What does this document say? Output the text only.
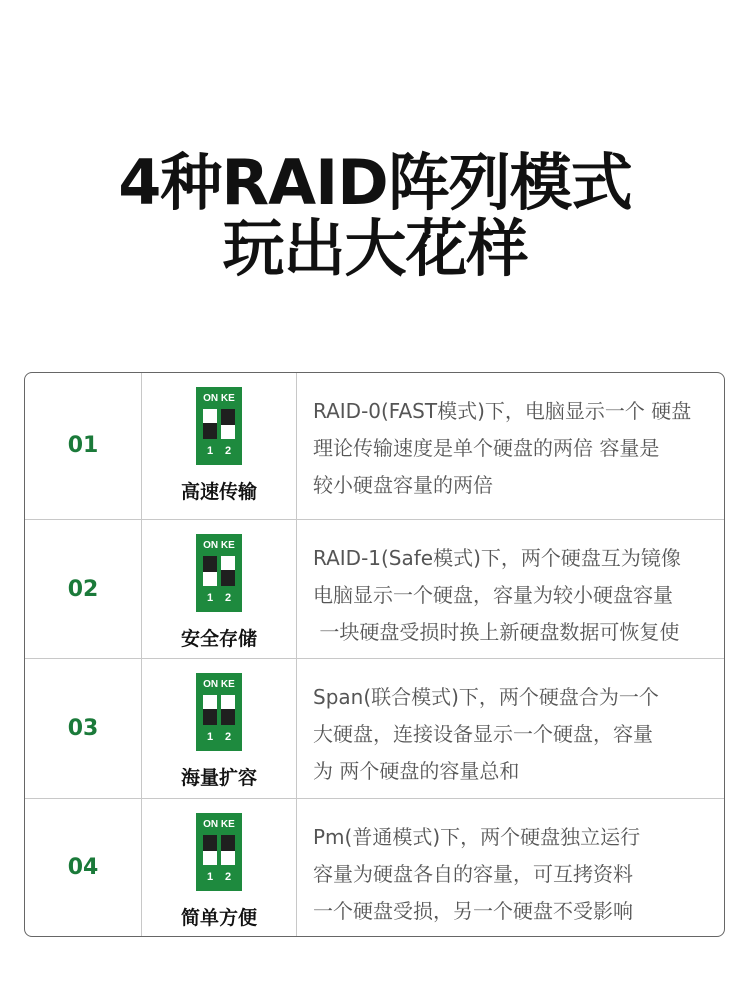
4种RAID阵列模式
玩出大花样
01
ON KE
1	2
高速传输
RAID-0(FAST模式)下，电脑显示一个 硬盘
理论传输速度是单个硬盘的两倍 容量是
较小硬盘容量的两倍
02
ON KE
1	2
安全存储
RAID-1(Safe模式)下，两个硬盘互为镜像
电脑显示一个硬盘，容量为较小硬盘容量
一块硬盘受损时换上新硬盘数据可恢复使
03
ON KE
1	2
海量扩容
Span(联合模式)下，两个硬盘合为一个
大硬盘，连接设备显示一个硬盘，容量
为 两个硬盘的容量总和
04
ON KE
1	2
简单方便
Pm(普通模式)下，两个硬盘独立运行
容量为硬盘各自的容量，可互拷资料
一个硬盘受损，另一个硬盘不受影响
